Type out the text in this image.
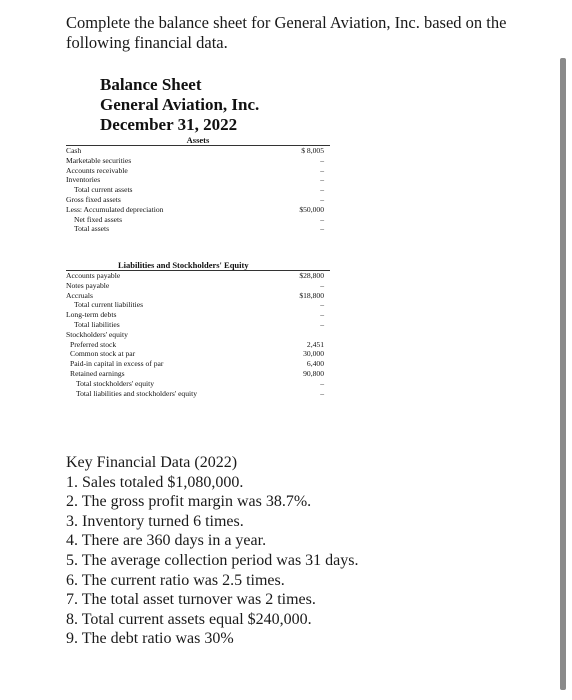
Complete the balance sheet for General Aviation, Inc. based on the following financial data.
Balance Sheet
General Aviation, Inc.
December 31, 2022
Assets
Cash	$ 8,005
Marketable securities	–
Accounts receivable	–
Inventories	–
Total current assets	–
Gross fixed assets	–
Less: Accumulated depreciation	$50,000
Net fixed assets	–
Total assets	–
Liabilities and Stockholders' Equity
Accounts payable	$28,800
Notes payable	–
Accruals	$18,800
Total current liabilities	–
Long-term debts	–
Total liabilities	–
Stockholders' equity
Preferred stock	2,451
Common stock at par	30,000
Paid-in capital in excess of par	6,400
Retained earnings	90,800
Total stockholders' equity	–
Total liabilities and stockholders' equity	–
Key Financial Data (2022)
1. Sales totaled $1,080,000.
2. The gross profit margin was 38.7%.
3. Inventory turned 6 times.
4. There are 360 days in a year.
5. The average collection period was 31 days.
6. The current ratio was 2.5 times.
7. The total asset turnover was 2 times.
8. Total current assets equal $240,000.
9. The debt ratio was 30%
